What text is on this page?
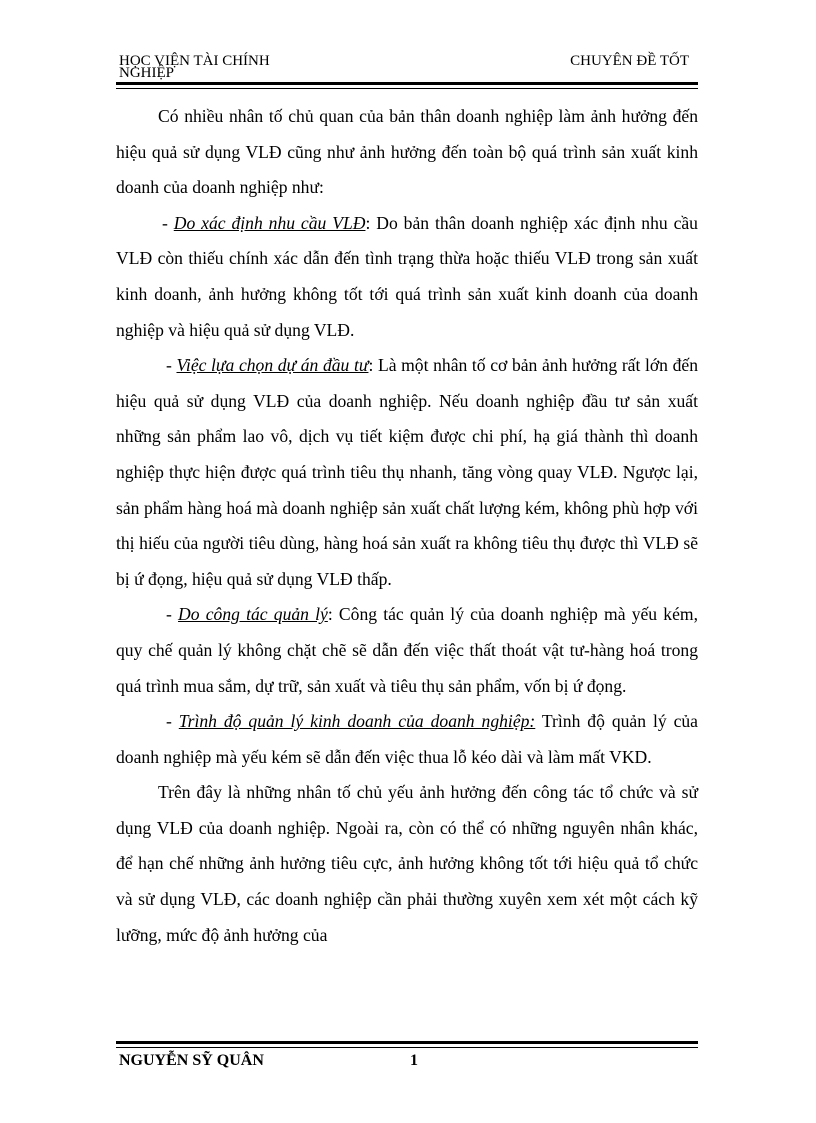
HỌC VIỆN TÀI CHÍNH
NGHIỆP
CHUYÊN ĐỀ TỐT

Có nhiều nhân tố chủ quan của bản thân doanh nghiệp làm ảnh hưởng đến hiệu quả sử dụng VLĐ cũng như ảnh hưởng đến toàn bộ quá trình sản xuất kinh doanh của doanh nghiệp như:

- Do xác định nhu cầu VLĐ: Do bản thân doanh nghiệp xác định nhu cầu VLĐ còn thiếu chính xác dẫn đến tình trạng thừa hoặc thiếu VLĐ trong sản xuất kinh doanh, ảnh hưởng không tốt tới quá trình sản xuất kinh doanh của doanh nghiệp và hiệu quả sử dụng VLĐ.

- Việc lựa chọn dự án đầu tư: Là một nhân tố cơ bản ảnh hưởng rất lớn đến hiệu quả sử dụng VLĐ của doanh nghiệp. Nếu doanh nghiệp đầu tư sản xuất những sản phẩm lao vô, dịch vụ tiết kiệm được chi phí, hạ giá thành thì doanh nghiệp thực hiện được quá trình tiêu thụ nhanh, tăng vòng quay VLĐ. Ngược lại, sản phẩm hàng hoá mà doanh nghiệp sản xuất chất lượng kém, không phù hợp với thị hiếu của người tiêu dùng, hàng hoá sản xuất ra không tiêu thụ được thì VLĐ sẽ bị ứ đọng, hiệu quả sử dụng VLĐ thấp.

- Do công tác quản lý: Công tác quản lý của doanh nghiệp mà yếu kém, quy chế quản lý không chặt chẽ sẽ dẫn đến việc thất thoát vật tư-hàng hoá trong quá trình mua sắm, dự trữ, sản xuất và tiêu thụ sản phẩm, vốn bị ứ đọng.

- Trình độ quản lý kinh doanh của doanh nghiệp: Trình độ quản lý của doanh nghiệp mà yếu kém sẽ dẫn đến việc thua lỗ kéo dài và làm mất VKD.

Trên đây là những nhân tố chủ yếu ảnh hưởng đến công tác tổ chức và sử dụng VLĐ của doanh nghiệp. Ngoài ra, còn có thể có những nguyên nhân khác, để hạn chế những ảnh hưởng tiêu cực, ảnh hưởng không tốt tới hiệu quả tổ chức và sử dụng VLĐ, các doanh nghiệp cần phải thường xuyên xem xét một cách kỹ lưỡng, mức độ ảnh hưởng của

NGUYỄN SỸ QUÂN	1
